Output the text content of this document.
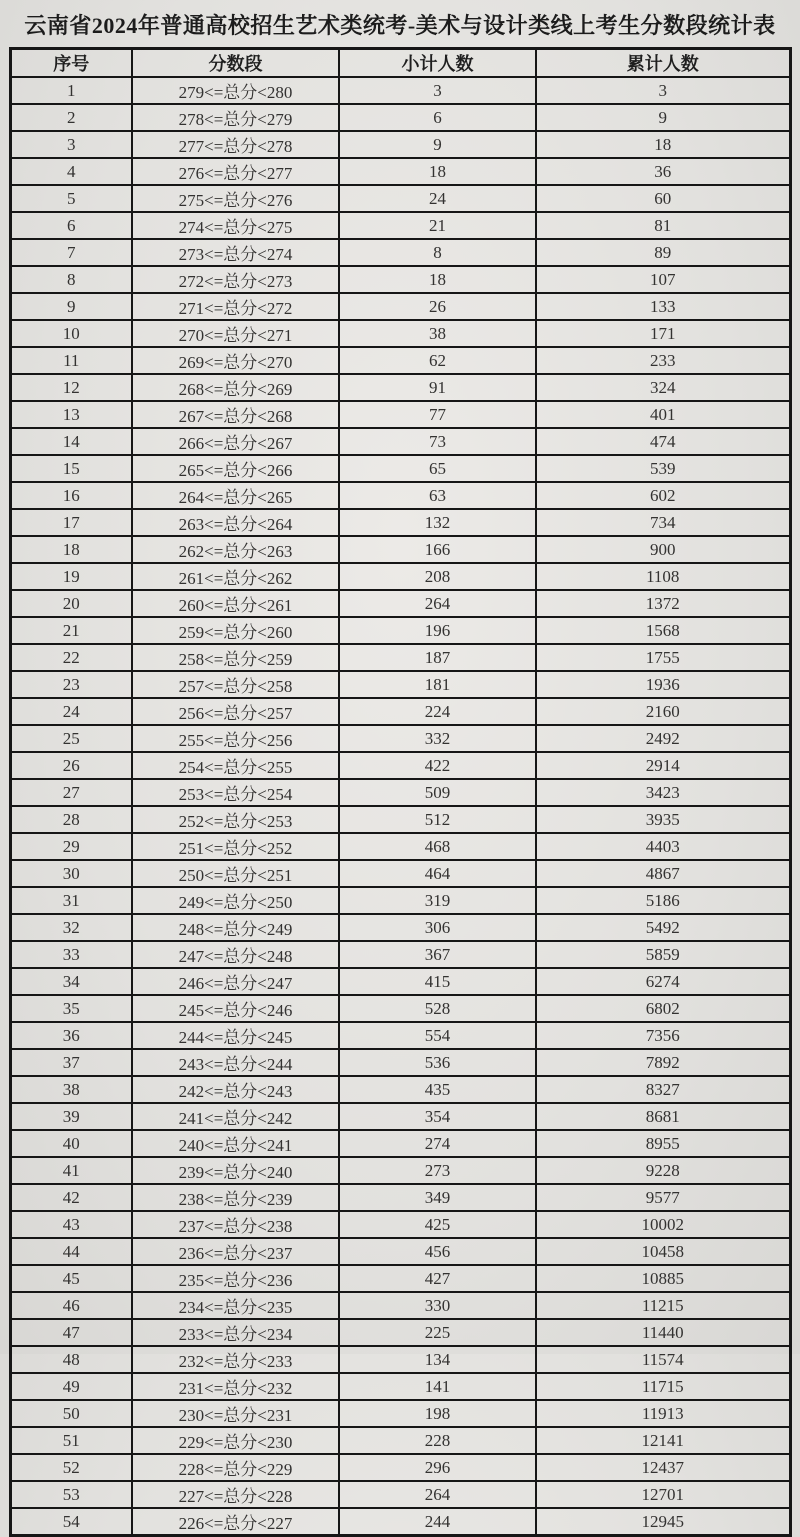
云南省2024年普通高校招生艺术类统考-美术与设计类线上考生分数段统计表
序号	分数段	小计人数	累计人数
1	279<=总分<280	3	3
2	278<=总分<279	6	9
3	277<=总分<278	9	18
4	276<=总分<277	18	36
5	275<=总分<276	24	60
6	274<=总分<275	21	81
7	273<=总分<274	8	89
8	272<=总分<273	18	107
9	271<=总分<272	26	133
10	270<=总分<271	38	171
11	269<=总分<270	62	233
12	268<=总分<269	91	324
13	267<=总分<268	77	401
14	266<=总分<267	73	474
15	265<=总分<266	65	539
16	264<=总分<265	63	602
17	263<=总分<264	132	734
18	262<=总分<263	166	900
19	261<=总分<262	208	1108
20	260<=总分<261	264	1372
21	259<=总分<260	196	1568
22	258<=总分<259	187	1755
23	257<=总分<258	181	1936
24	256<=总分<257	224	2160
25	255<=总分<256	332	2492
26	254<=总分<255	422	2914
27	253<=总分<254	509	3423
28	252<=总分<253	512	3935
29	251<=总分<252	468	4403
30	250<=总分<251	464	4867
31	249<=总分<250	319	5186
32	248<=总分<249	306	5492
33	247<=总分<248	367	5859
34	246<=总分<247	415	6274
35	245<=总分<246	528	6802
36	244<=总分<245	554	7356
37	243<=总分<244	536	7892
38	242<=总分<243	435	8327
39	241<=总分<242	354	8681
40	240<=总分<241	274	8955
41	239<=总分<240	273	9228
42	238<=总分<239	349	9577
43	237<=总分<238	425	10002
44	236<=总分<237	456	10458
45	235<=总分<236	427	10885
46	234<=总分<235	330	11215
47	233<=总分<234	225	11440
48	232<=总分<233	134	11574
49	231<=总分<232	141	11715
50	230<=总分<231	198	11913
51	229<=总分<230	228	12141
52	228<=总分<229	296	12437
53	227<=总分<228	264	12701
54	226<=总分<227	244	12945
